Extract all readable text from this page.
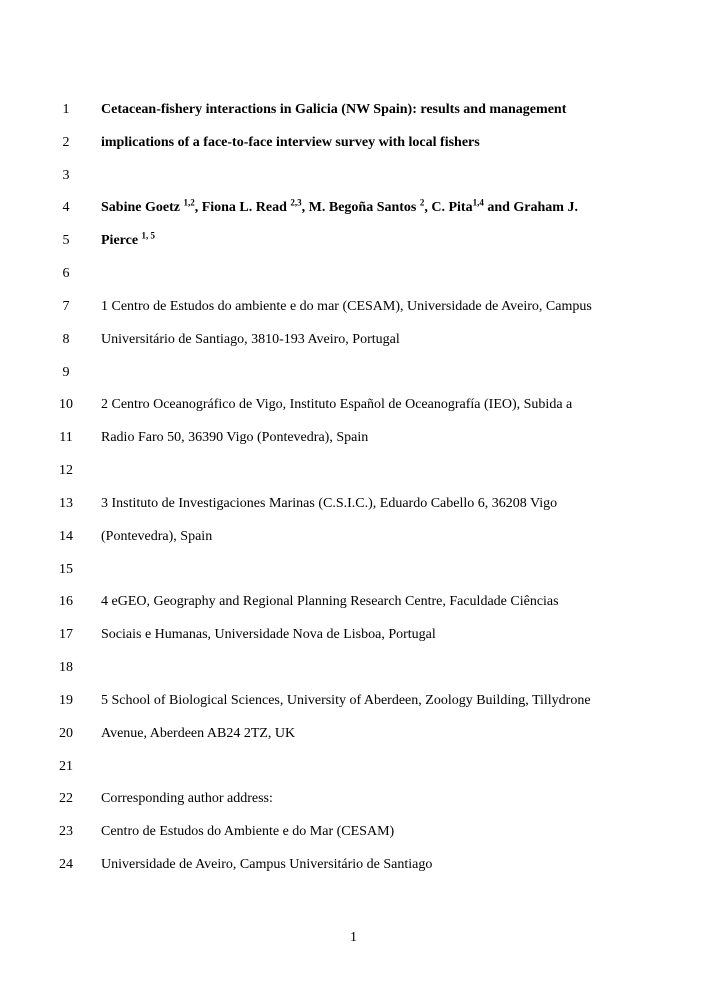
1	Cetacean-fishery interactions in Galicia (NW Spain): results and management
2	implications of a face-to-face interview survey with local fishers
3
4	Sabine Goetz $^{1,2}$, Fiona L. Read $^{2,3}$, M. Begoña Santos $^2$, C. Pita$^{1,4}$ and Graham J.
5	Pierce $^{1, 5}$
6
7	1 Centro de Estudos do ambiente e do mar (CESAM), Universidade de Aveiro, Campus
8	Universitário de Santiago, 3810-193 Aveiro, Portugal
9
10	2 Centro Oceanográfico de Vigo, Instituto Español de Oceanografía (IEO), Subida a
11	Radio Faro 50, 36390 Vigo (Pontevedra), Spain
12
13	3 Instituto de Investigaciones Marinas (C.S.I.C.), Eduardo Cabello 6, 36208 Vigo
14	(Pontevedra), Spain
15
16	4 eGEO, Geography and Regional Planning Research Centre, Faculdade Ciências
17	Sociais e Humanas, Universidade Nova de Lisboa, Portugal
18
19	5 School of Biological Sciences, University of Aberdeen, Zoology Building, Tillydrone
20	Avenue, Aberdeen AB24 2TZ, UK
21
22	Corresponding author address:
23	Centro de Estudos do Ambiente e do Mar (CESAM)
24	Universidade de Aveiro, Campus Universitário de Santiago
1
